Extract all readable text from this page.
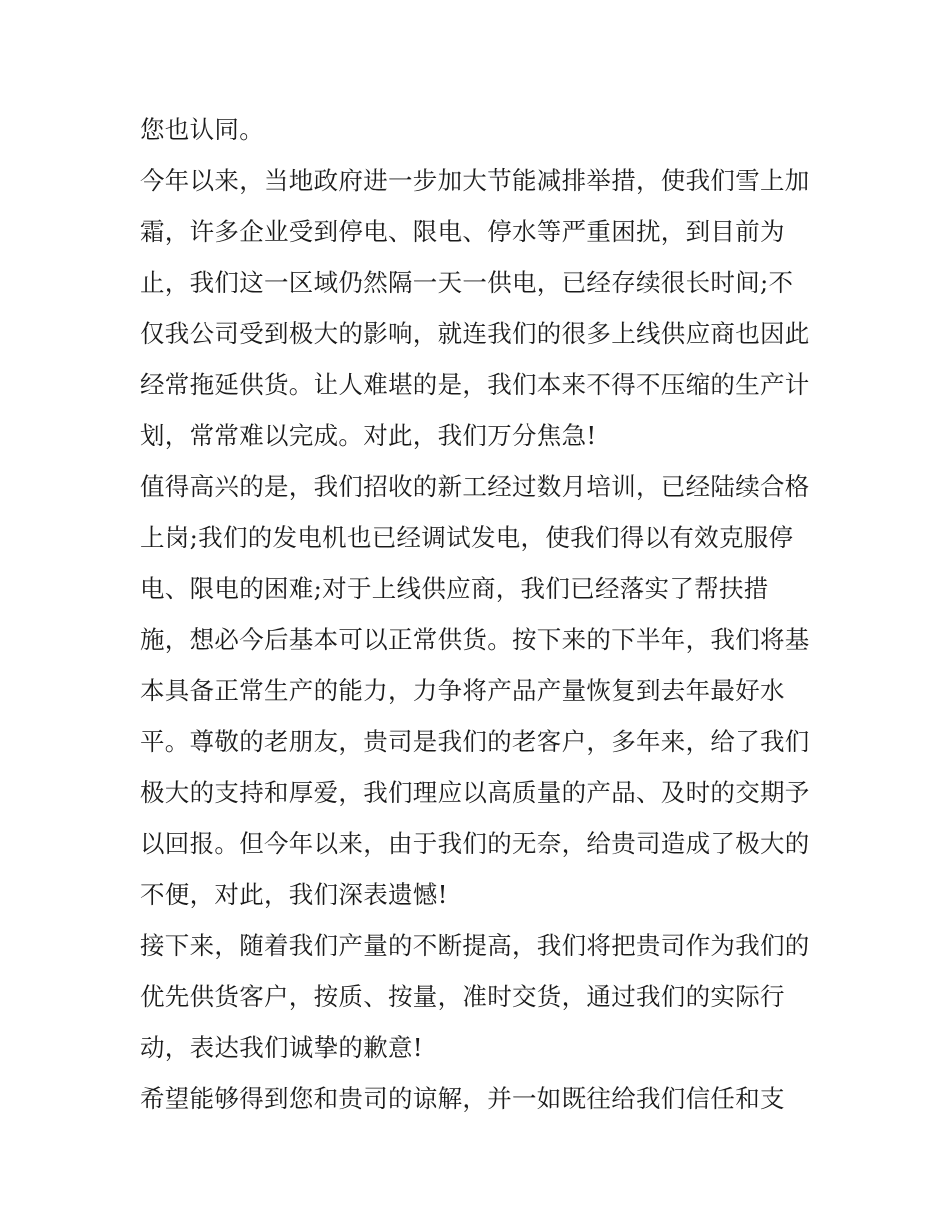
您也认同。
今年以来，当地政府进一步加大节能减排举措，使我们雪上加
霜，许多企业受到停电、限电、停水等严重困扰，到目前为
止，我们这一区域仍然隔一天一供电，已经存续很长时间;不
仅我公司受到极大的影响，就连我们的很多上线供应商也因此
经常拖延供货。让人难堪的是，我们本来不得不压缩的生产计
划，常常难以完成。对此，我们万分焦急!
值得高兴的是，我们招收的新工经过数月培训，已经陆续合格
上岗;我们的发电机也已经调试发电，使我们得以有效克服停
电、限电的困难;对于上线供应商，我们已经落实了帮扶措
施，想必今后基本可以正常供货。按下来的下半年，我们将基
本具备正常生产的能力，力争将产品产量恢复到去年最好水
平。尊敬的老朋友，贵司是我们的老客户，多年来，给了我们
极大的支持和厚爱，我们理应以高质量的产品、及时的交期予
以回报。但今年以来，由于我们的无奈，给贵司造成了极大的
不便，对此，我们深表遗憾!
接下来，随着我们产量的不断提高，我们将把贵司作为我们的
优先供货客户，按质、按量，准时交货，通过我们的实际行
动，表达我们诚挚的歉意!
希望能够得到您和贵司的谅解，并一如既往给我们信任和支
